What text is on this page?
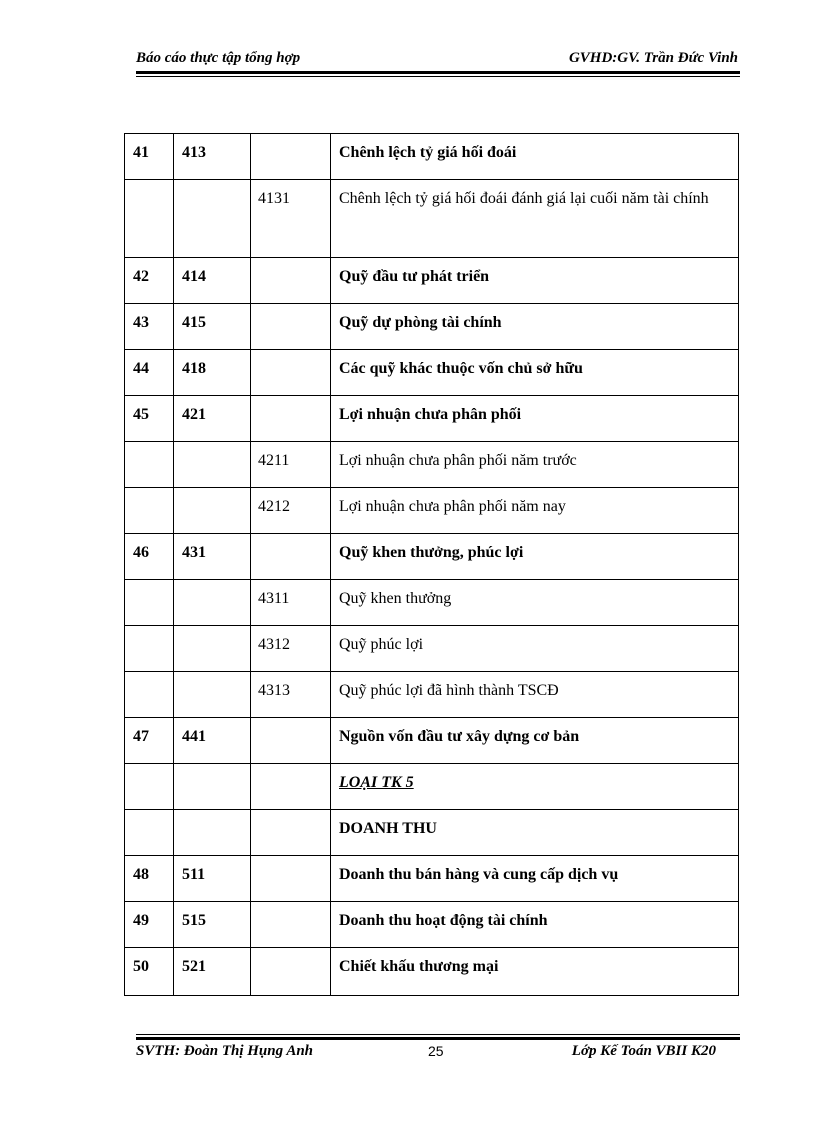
Báo cáo thực tập tổng hợp	GVHD:GV. Trần Đức Vinh
41	413		Chênh lệch tỷ giá hối đoái

		4131	Chênh lệch tỷ giá hối đoái đánh giá lại cuối năm tài chính

42	414		Quỹ đầu tư phát triển

43	415		Quỹ dự phòng tài chính

44	418		Các quỹ khác thuộc vốn chủ sở hữu

45	421		Lợi nhuận chưa phân phối

		4211	Lợi nhuận chưa phân phối năm trước

		4212	Lợi nhuận chưa phân phối năm nay

46	431		Quỹ khen thưởng, phúc lợi

		4311	Quỹ khen thưởng

		4312	Quỹ phúc lợi

		4313	Quỹ phúc lợi đã hình thành TSCĐ

47	441		Nguồn vốn đầu tư xây dựng cơ bản

			LOẠI TK 5

			DOANH THU

48	511		Doanh thu bán hàng và cung cấp dịch vụ

49	515		Doanh thu hoạt động tài chính

50	521		Chiết khấu thương mại
SVTH: Đoàn Thị Hụng Anh	25	Lớp Kế Toán VBII K20
